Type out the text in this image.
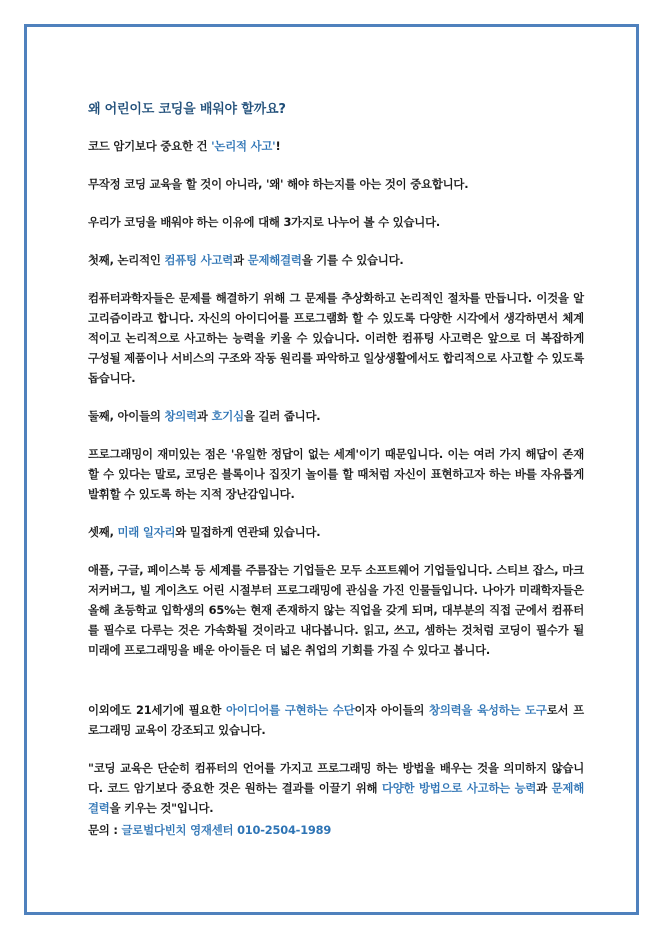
왜 어린이도 코딩을 배워야 할까요?

코드 암기보다 중요한 건 '논리적 사고'!

무작정 코딩 교육을 할 것이 아니라, '왜' 해야 하는지를 아는 것이 중요합니다.

우리가 코딩을 배워야 하는 이유에 대해 3가지로 나누어 볼 수 있습니다.

첫째, 논리적인 컴퓨팅 사고력과 문제해결력을 기를 수 있습니다.

컴퓨터과학자들은 문제를 해결하기 위해 그 문제를 추상화하고 논리적인 절차를 만듭니다. 이것을 알고리즘이라고 합니다. 자신의 아이디어를 프로그램화 할 수 있도록 다양한 시각에서 생각하면서 체계적이고 논리적으로 사고하는 능력을 키울 수 있습니다. 이러한 컴퓨팅 사고력은 앞으로 더 복잡하게 구성될 제품이나 서비스의 구조와 작동 원리를 파악하고 일상생활에서도 합리적으로 사고할 수 있도록 돕습니다.

둘째, 아이들의 창의력과 호기심을 길러 줍니다.

프로그래밍이 재미있는 점은 '유일한 정답이 없는 세계'이기 때문입니다. 이는 여러 가지 해답이 존재할 수 있다는 말로, 코딩은 블록이나 집짓기 놀이를 할 때처럼 자신이 표현하고자 하는 바를 자유롭게 발휘할 수 있도록 하는 지적 장난감입니다.

셋째, 미래 일자리와 밀접하게 연관돼 있습니다.

애플, 구글, 페이스북 등 세계를 주름잡는 기업들은 모두 소프트웨어 기업들입니다. 스티브 잡스, 마크 저커버그, 빌 게이츠도 어린 시절부터 프로그래밍에 관심을 가진 인물들입니다. 나아가 미래학자들은 올해 초등학교 입학생의 65%는 현재 존재하지 않는 직업을 갖게 되며, 대부분의 직접 군에서 컴퓨터를 필수로 다루는 것은 가속화될 것이라고 내다봅니다. 읽고, 쓰고, 셈하는 것처럼 코딩이 필수가 될 미래에 프로그래밍을 배운 아이들은 더 넓은 취업의 기회를 가질 수 있다고 봅니다.

이외에도 21세기에 필요한 아이디어를 구현하는 수단이자 아이들의 창의력을 육성하는 도구로서 프로그래밍 교육이 강조되고 있습니다.

"코딩 교육은 단순히 컴퓨터의 언어를 가지고 프로그래밍 하는 방법을 배우는 것을 의미하지 않습니다. 코드 암기보다 중요한 것은 원하는 결과를 이끌기 위해 다양한 방법으로 사고하는 능력과 문제해결력을 키우는 것"입니다.

문의 : 글로벌다빈치 영재센터 010-2504-1989
